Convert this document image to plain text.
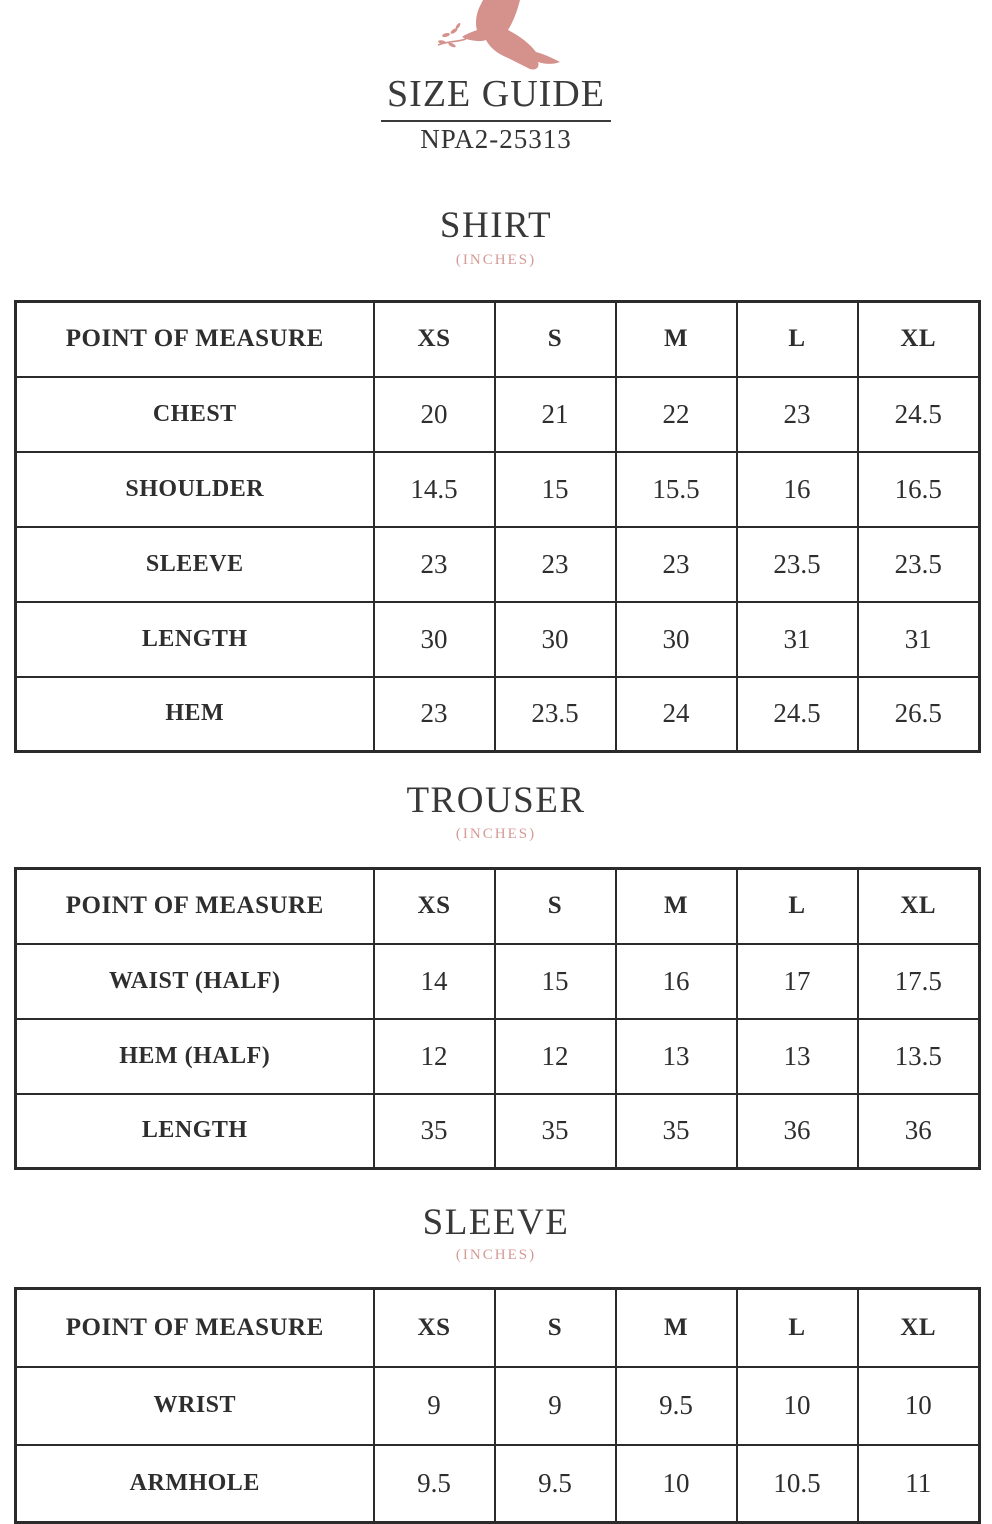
SIZE GUIDE
NPA2-25313
SHIRT
(INCHES)
POINT OF MEASURE	XS	S	M	L	XL
CHEST	20	21	22	23	24.5
SHOULDER	14.5	15	15.5	16	16.5
SLEEVE	23	23	23	23.5	23.5
LENGTH	30	30	30	31	31
HEM	23	23.5	24	24.5	26.5
TROUSER
(INCHES)
POINT OF MEASURE	XS	S	M	L	XL
WAIST (HALF)	14	15	16	17	17.5
HEM (HALF)	12	12	13	13	13.5
LENGTH	35	35	35	36	36
SLEEVE
(INCHES)
POINT OF MEASURE	XS	S	M	L	XL
WRIST	9	9	9.5	10	10
ARMHOLE	9.5	9.5	10	10.5	11
